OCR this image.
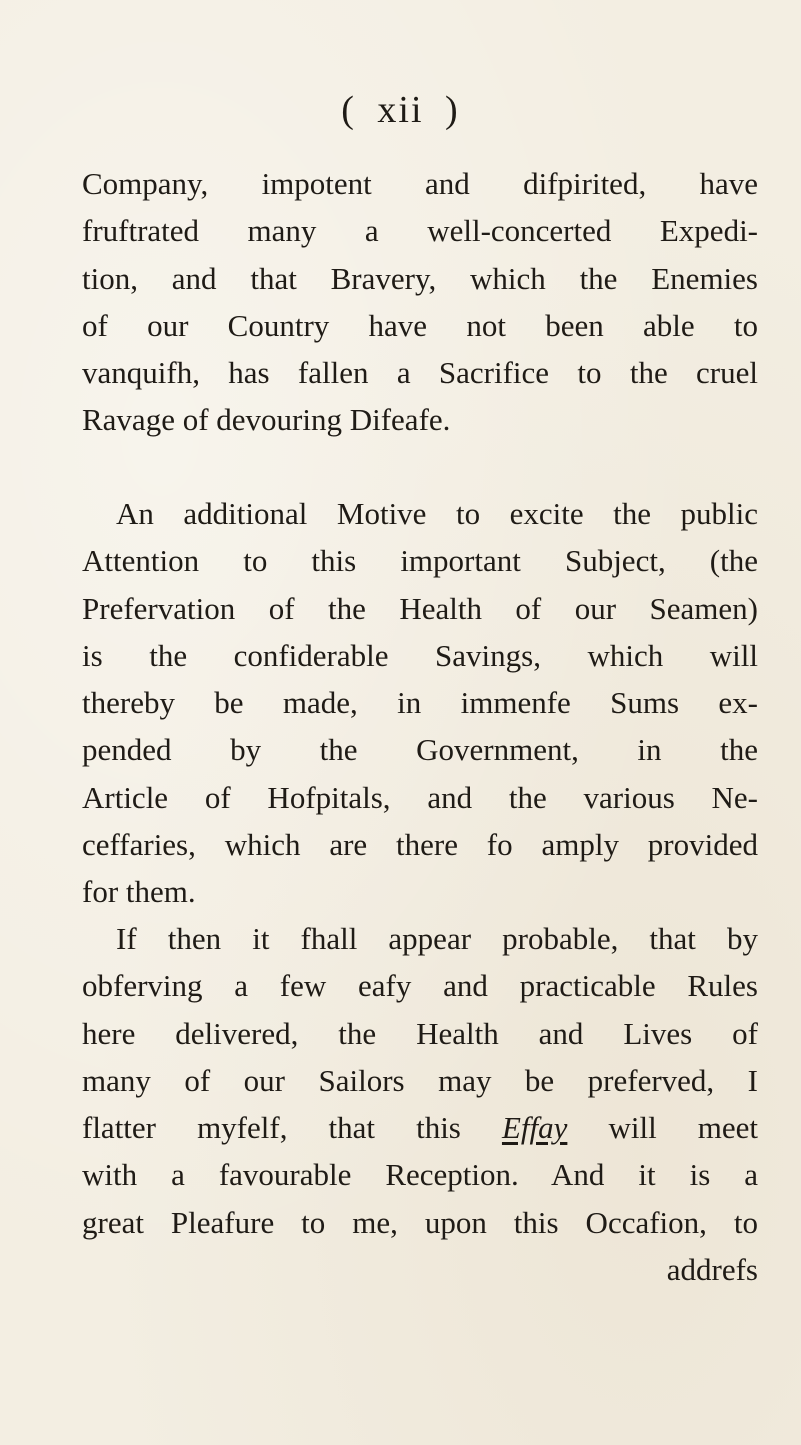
( xii )
Company, impotent and difpirited, have
fruftrated many a well-concerted Expedi-
tion, and that Bravery, which the Enemies
of our Country have not been able to
vanquifh, has fallen a Sacrifice to the cruel
Ravage of devouring Difeafe.
An additional Motive to excite the public
Attention to this important Subject, (the
Prefervation of the Health of our Seamen)
is the confiderable Savings, which will
thereby be made, in immenfe Sums ex-
pended by the Government, in the
Article of Hofpitals, and the various Ne-
ceffaries, which are there fo amply provided
for them.
If then it fhall appear probable, that by
obferving a few eafy and practicable Rules
here delivered, the Health and Lives of
many of our Sailors may be preferved, I
flatter myfelf, that this Effay will meet
with a favourable Reception. And it is a
great Pleafure to me, upon this Occafion, to
addrefs
